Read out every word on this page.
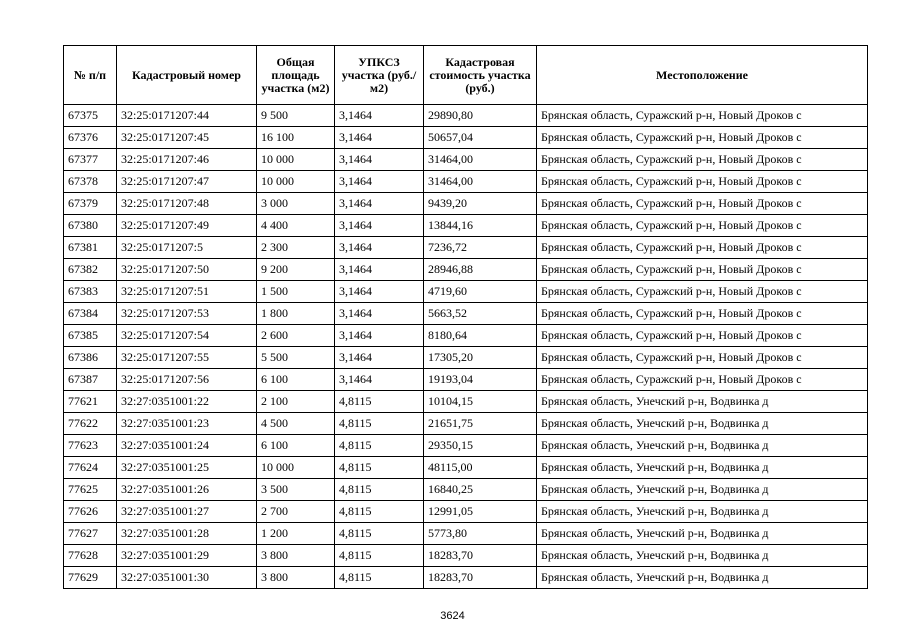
№ п/п	Кадастровый номер	Общая площадь участка (м2)	УПКСЗ участка (руб./м2)	Кадастровая стоимость участка (руб.)	Местоположение
67375	32:25:0171207:44	9 500	3,1464	29890,80	Брянская область, Суражский р-н, Новый Дроков с
67376	32:25:0171207:45	16 100	3,1464	50657,04	Брянская область, Суражский р-н, Новый Дроков с
67377	32:25:0171207:46	10 000	3,1464	31464,00	Брянская область, Суражский р-н, Новый Дроков с
67378	32:25:0171207:47	10 000	3,1464	31464,00	Брянская область, Суражский р-н, Новый Дроков с
67379	32:25:0171207:48	3 000	3,1464	9439,20	Брянская область, Суражский р-н, Новый Дроков с
67380	32:25:0171207:49	4 400	3,1464	13844,16	Брянская область, Суражский р-н, Новый Дроков с
67381	32:25:0171207:5	2 300	3,1464	7236,72	Брянская область, Суражский р-н, Новый Дроков с
67382	32:25:0171207:50	9 200	3,1464	28946,88	Брянская область, Суражский р-н, Новый Дроков с
67383	32:25:0171207:51	1 500	3,1464	4719,60	Брянская область, Суражский р-н, Новый Дроков с
67384	32:25:0171207:53	1 800	3,1464	5663,52	Брянская область, Суражский р-н, Новый Дроков с
67385	32:25:0171207:54	2 600	3,1464	8180,64	Брянская область, Суражский р-н, Новый Дроков с
67386	32:25:0171207:55	5 500	3,1464	17305,20	Брянская область, Суражский р-н, Новый Дроков с
67387	32:25:0171207:56	6 100	3,1464	19193,04	Брянская область, Суражский р-н, Новый Дроков с
77621	32:27:0351001:22	2 100	4,8115	10104,15	Брянская область, Унечский р-н, Водвинка д
77622	32:27:0351001:23	4 500	4,8115	21651,75	Брянская область, Унечский р-н, Водвинка д
77623	32:27:0351001:24	6 100	4,8115	29350,15	Брянская область, Унечский р-н, Водвинка д
77624	32:27:0351001:25	10 000	4,8115	48115,00	Брянская область, Унечский р-н, Водвинка д
77625	32:27:0351001:26	3 500	4,8115	16840,25	Брянская область, Унечский р-н, Водвинка д
77626	32:27:0351001:27	2 700	4,8115	12991,05	Брянская область, Унечский р-н, Водвинка д
77627	32:27:0351001:28	1 200	4,8115	5773,80	Брянская область, Унечский р-н, Водвинка д
77628	32:27:0351001:29	3 800	4,8115	18283,70	Брянская область, Унечский р-н, Водвинка д
77629	32:27:0351001:30	3 800	4,8115	18283,70	Брянская область, Унечский р-н, Водвинка д
3624
